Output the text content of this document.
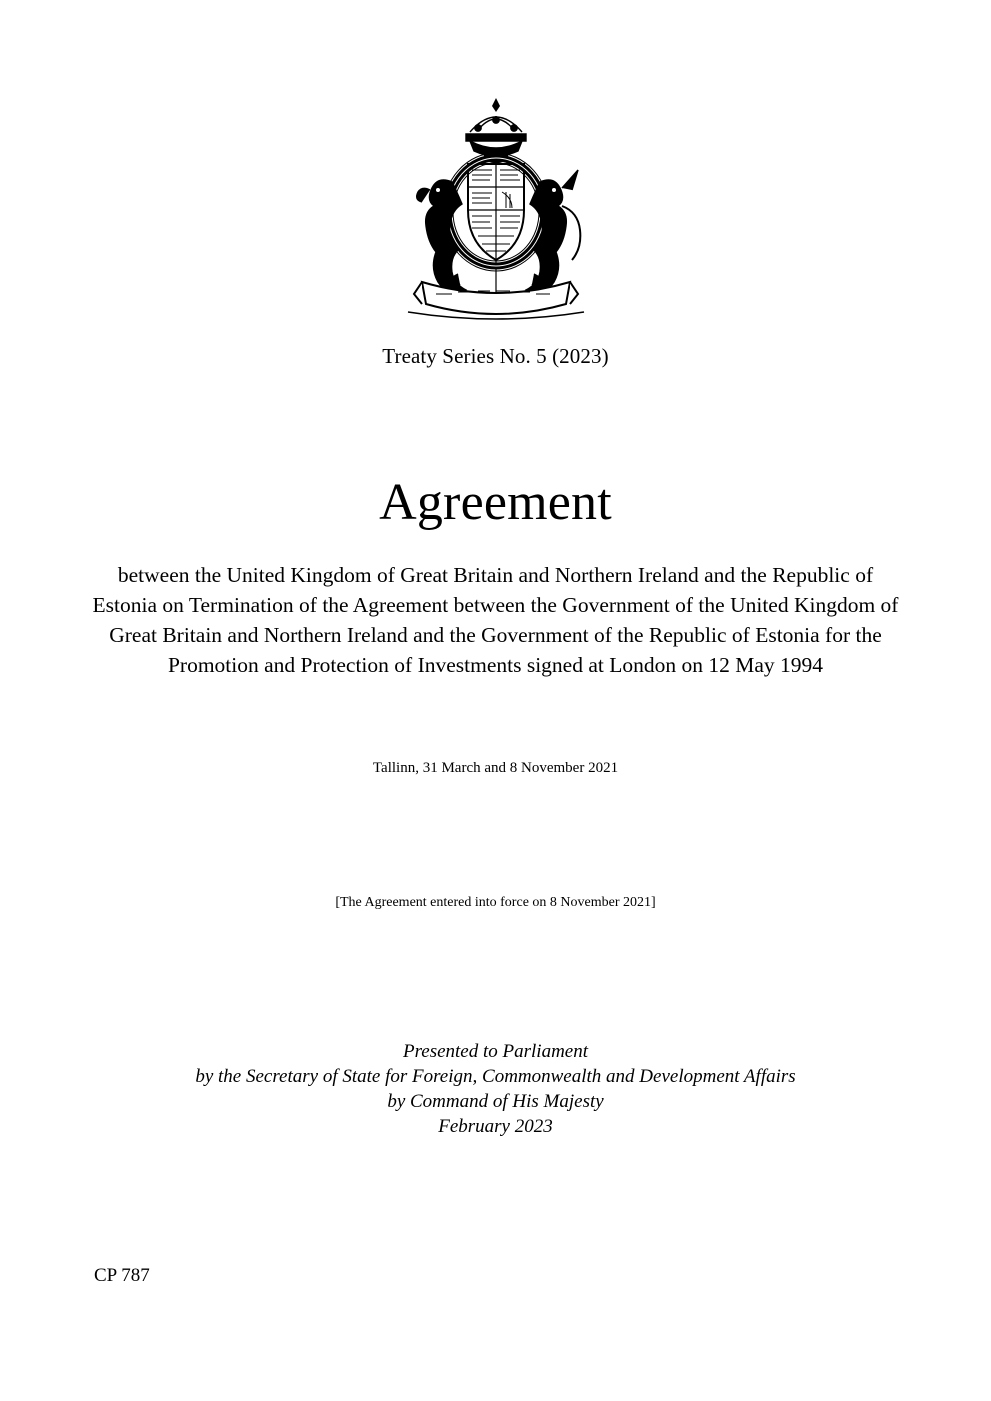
Treaty Series No. 5 (2023)
Agreement
between the United Kingdom of Great Britain and Northern Ireland and the Republic of Estonia on Termination of the Agreement between the Government of the United Kingdom of Great Britain and Northern Ireland and the Government of the Republic of Estonia for the Promotion and Protection of Investments signed at London on 12 May 1994
Tallinn, 31 March and 8 November 2021
[The Agreement entered into force on 8 November 2021]
Presented to Parliament
by the Secretary of State for Foreign, Commonwealth and Development Affairs
by Command of His Majesty
February 2023
CP 787
